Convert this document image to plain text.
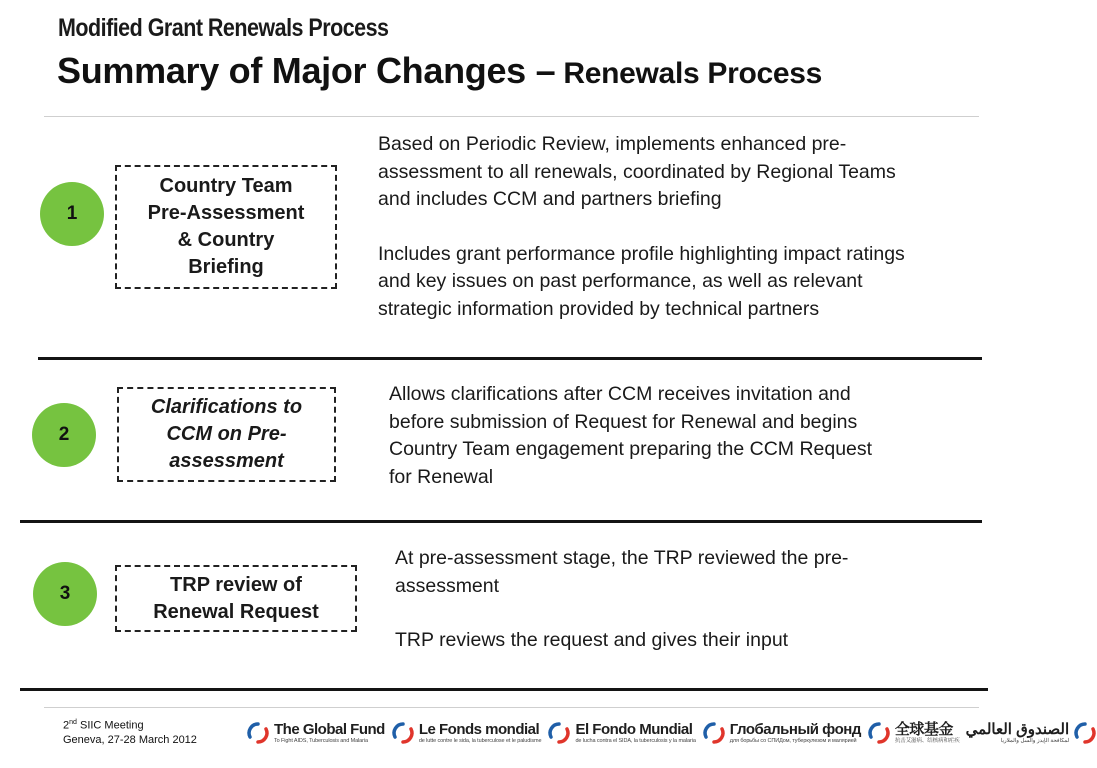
Modified Grant Renewals Process
Summary of Major Changes – Renewals Process
1
Country Team
Pre-Assessment
& Country
Briefing

Based on Periodic Review, implements enhanced pre-
assessment to all renewals, coordinated by Regional Teams
and includes CCM and partners briefing

Includes grant performance profile highlighting impact ratings
and key issues on past performance, as well as relevant
strategic information provided by technical partners

2
Clarifications to
CCM on Pre-
assessment

Allows clarifications after CCM receives invitation and
before submission of Request for Renewal and begins
Country Team engagement preparing the CCM Request
for Renewal

3	TRP review of
Renewal Request

At pre-assessment stage, the TRP reviewed the pre-
assessment

TRP reviews the request and gives their input

2nd SIIC Meeting
Geneva, 27-28 March 2012
The Global Fund
To Fight AIDS, Tuberculosis and Malaria
Le Fonds mondial
de lutte contre le sida, la tuberculose et le paludisme
El Fondo Mundial
de lucha contra el SIDA, la tuberculosis y la malaria
Глобальный фонд
для борьбы со СПИДом, туберкулезом и малярией
全球基金
抗击艾滋病、结核病和疟疾
الصندوق العالمي
لمكافحة الإيدز والسل والملاريا
